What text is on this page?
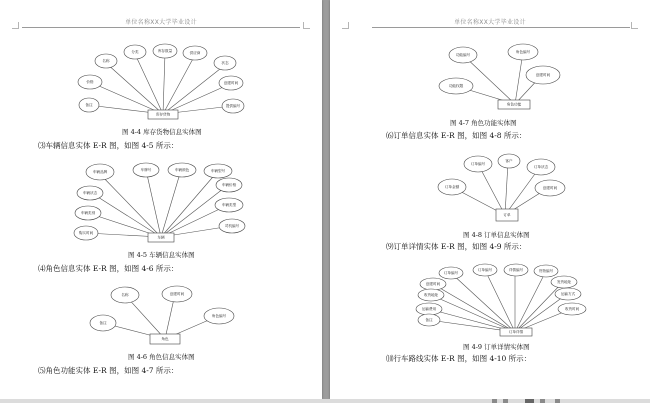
单位名称XX大学毕业设计
名称
分类	库存数量	供应商
状态
创建时间
备注
价格
提供编号
库存货物
图 4-4 库存货物信息实体图
⑶车辆信息实体 E-R 图，如图 4-5 所示：
车辆品牌	车牌号	车辆颜色	车辆型号
车辆状态
车辆类型
车辆类别
司机编号
购买时间
车辆价格
车辆
图 4-5 车辆信息实体图
⑷角色信息实体 E-R 图，如图 4-6 所示：
名称	创建时间
备注
角色编号
角色
图 4-6 角色信息实体图
⑸角色功能实体 E-R 图，如图 4-7 所示：
单位名称XX大学毕业设计
功能编号
角色编号
创建时间
功能权限
角色功能
图 4-7 角色功能实体图
⑹订单信息实体 E-R 图，如图 4-8 所示：
订单编号
客户
订单状态
订单金额	创建时间
订单
图 4-8 订单信息实体图
⑼订单详情实体 E-R 图，如图 4-9 所示：
订单编号
订单编号	详情编号	货物编号
创建时间	发货地址
收货地址	运输方式
运输费用	收货时间
备注
订单详情
图 4-9 订单详情实体图
⑽行车路线实体 E-R 图，如图 4-10 所示：
